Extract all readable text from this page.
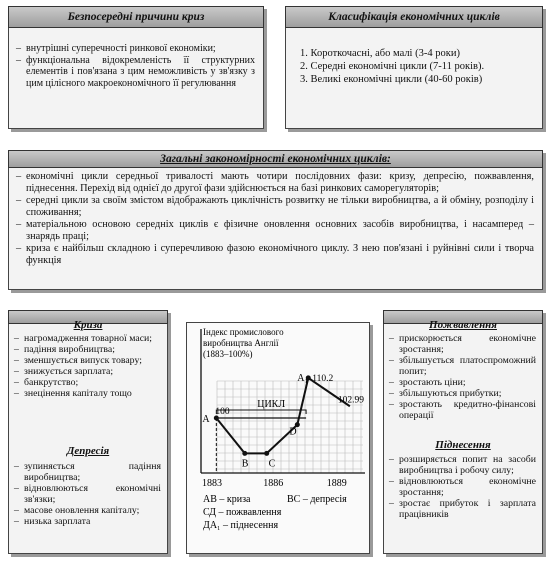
Безпосередні причини криз
– внутрішні суперечності ринкової економіки;
– функціональна відокремленість її структурних елементів і пов'язана з цим неможливість у зв'язку з цим цілісного макроекономічного її регулювання
Класифікація економічних циклів
1. Короткочасні, або малі (3-4 роки)
2. Середні економічні цикли (7-11 років).
3. Великі економічні цикли (40-60 років)
Загальні закономірності економічних циклів:
– економічні цикли середньої тривалості мають чотири послідовних фази: кризу, депресію, пожвавлення, піднесення. Перехід від однієї до другої фази здійснюється на базі ринкових саморегуляторів;
– середні цикли за своїм змістом відображають циклічність розвитку не тільки виробництва, а й обміну, розподілу і споживання;
– матеріальною основою середніх циклів є фізичне оновлення основних засобів виробництва, і насамперед – знарядь праці;
– криза є найбільш складною і суперечливою фазою економічного циклу. З нею пов'язані і руйнівні сили і творча функція
Криза
– нагромадження товарної маси;
– падіння виробництва;
– зменшується випуск товару;
– знижується зарплата;
– банкрутство;
– знецінення капіталу тощо
Депресія
– зупиняється падіння виробництва;
– відновлюються економічні зв'язки;
– масове оновлення капіталу;
– низька зарплата
Індекс промислового
виробництва Англії
(1883–100%)
ЦИКЛ
A
B C
D
A₁
100
110.2
102.99
1883	1886	1889
AB – криза	BC – депресія
СД – пожвавлення
ДА₁ – піднесення
Пожвавлення
– прискорюється економічне зростання;
– збільшується платоспроможний попит;
– зростають ціни;
– збільшуються прибутки;
– зростають кредитно-фінансові операції
Піднесення
– розширяється попит на засоби виробництва і робочу силу;
– відновлюються економічне зростання;
– зростає прибуток і зарплата працівників
